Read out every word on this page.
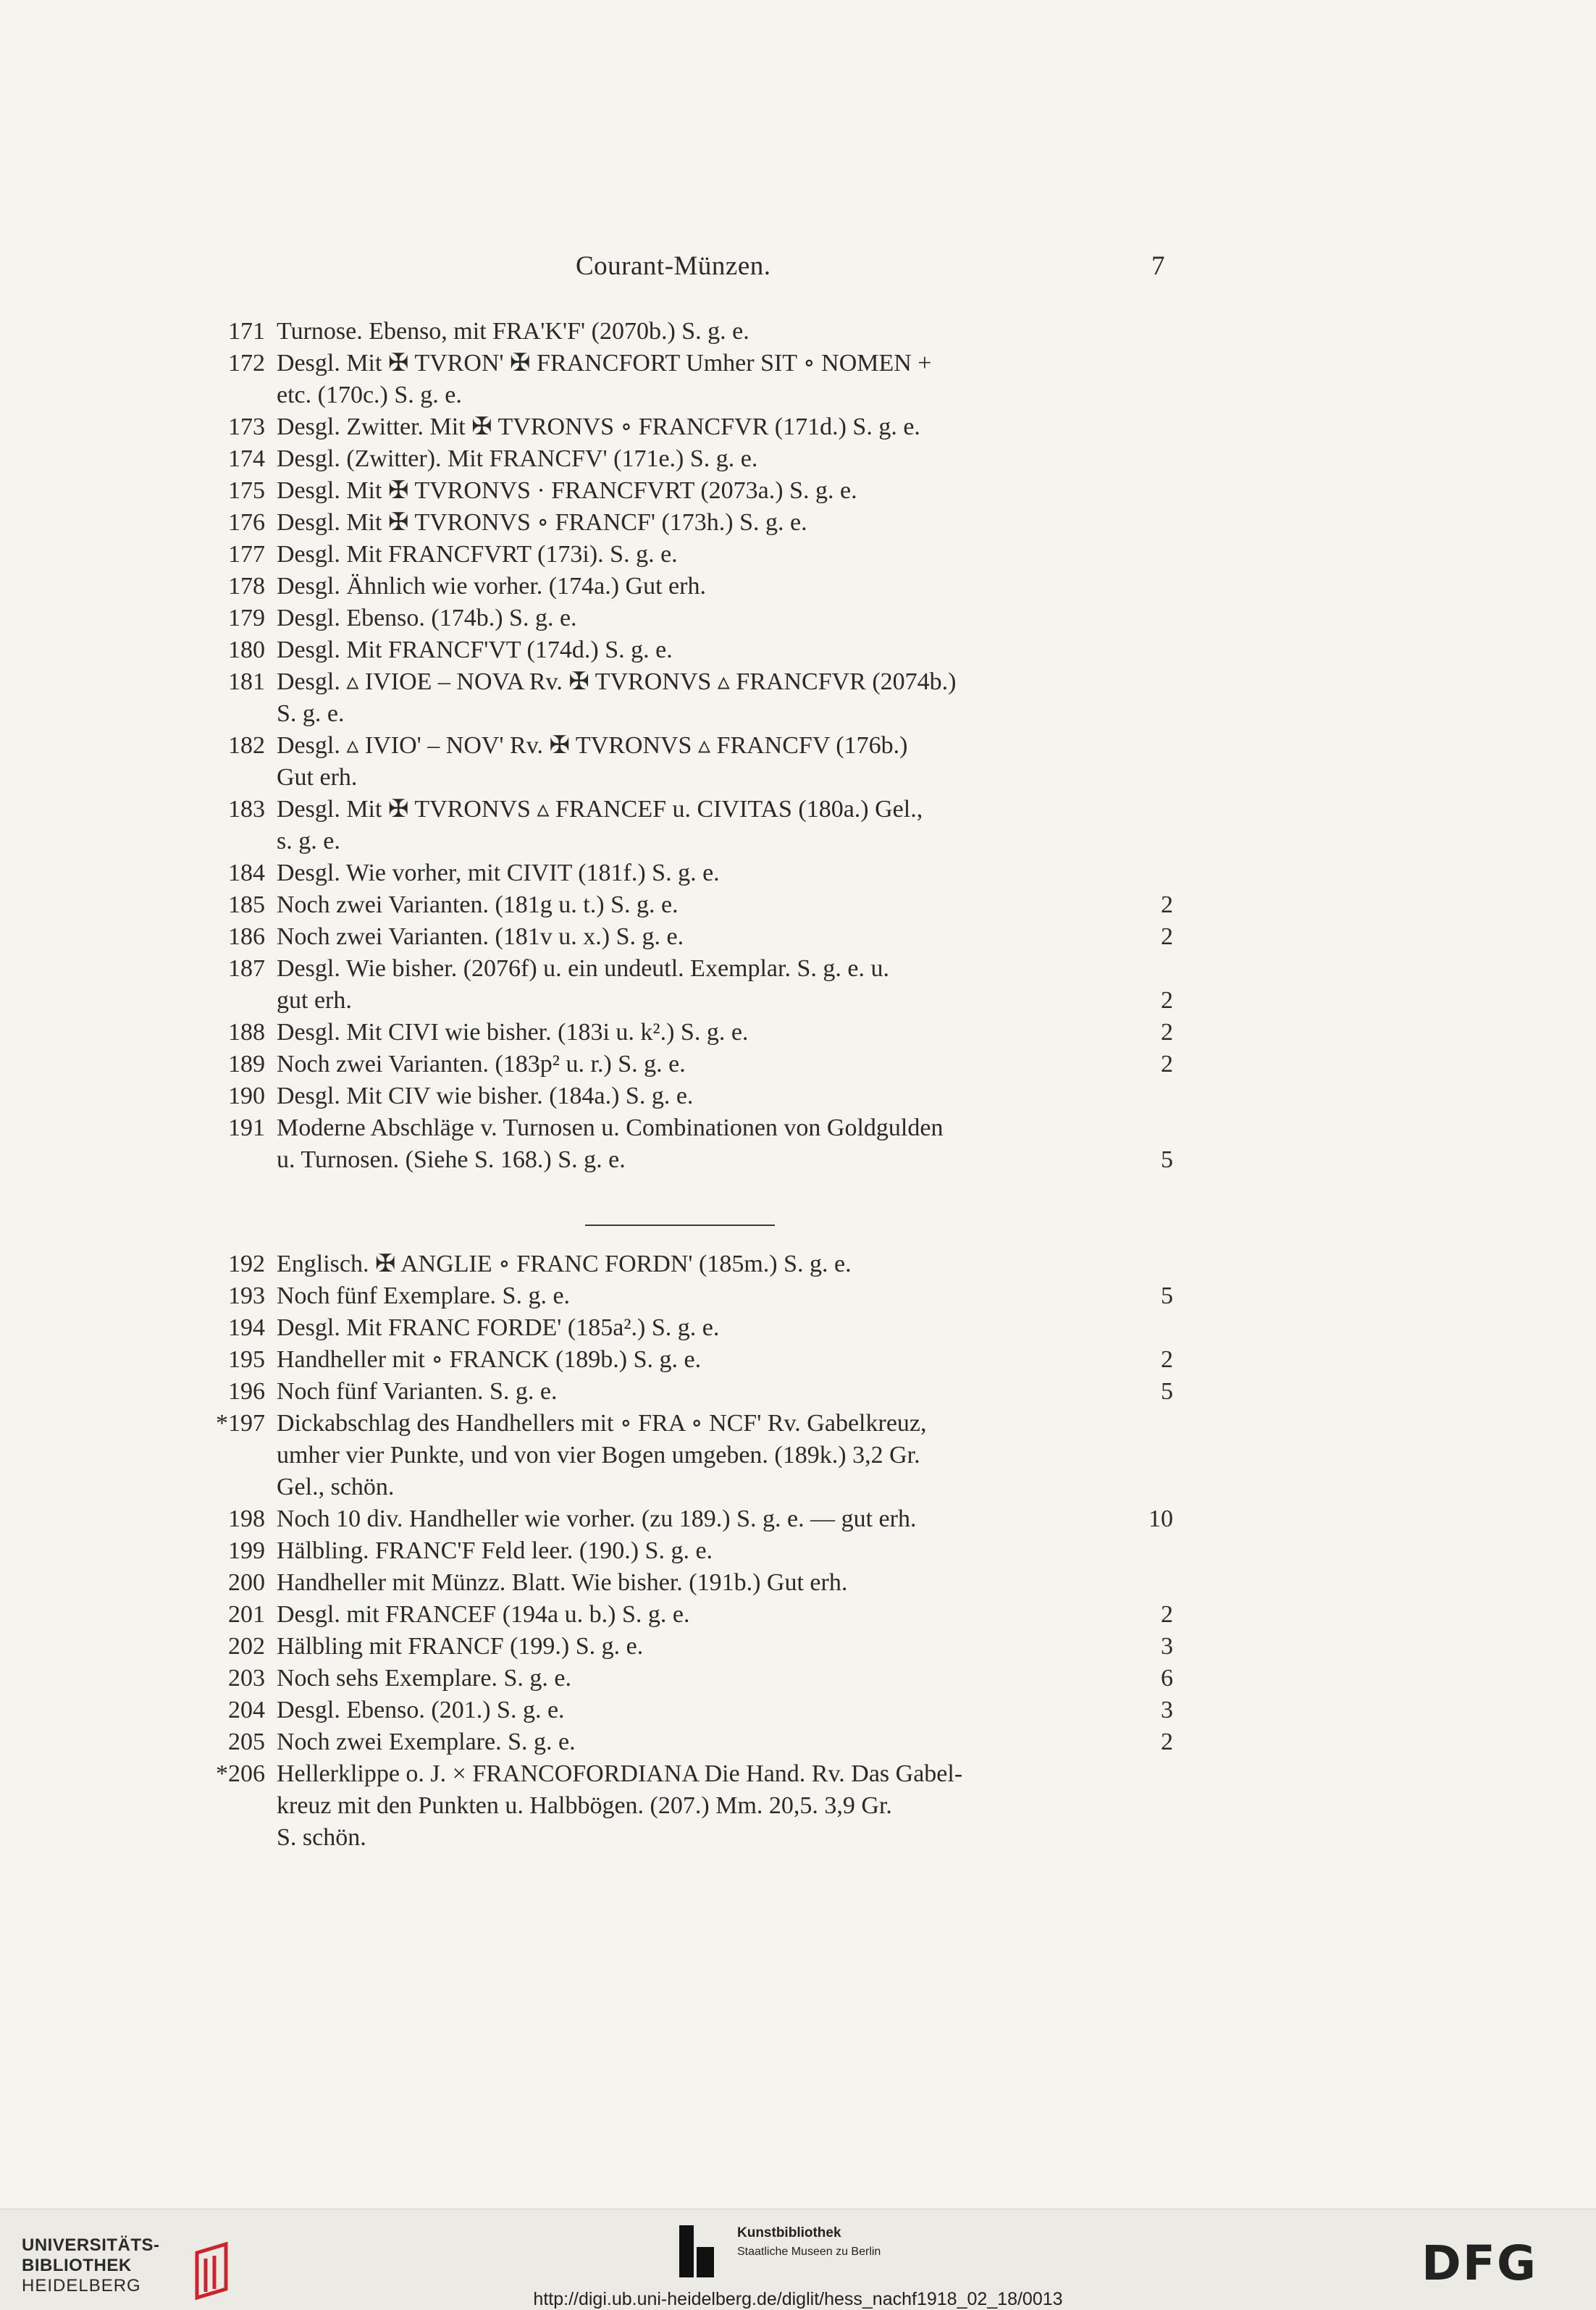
Courant-Münzen.	7
171 Turnose. Ebenso, mit FRA'K'F' (2070b.) S. g. e.
172 Desgl. Mit ✠ TVRON' ✠ FRANCFORT Umher SIT ∘ NOMEN +
etc. (170c.) S. g. e.
173 Desgl. Zwitter. Mit ✠ TVRONVS ∘ FRANCFVR (171d.) S. g. e.
174 Desgl. (Zwitter). Mit FRANCFV' (171e.) S. g. e.
175 Desgl. Mit ✠ TVRONVS · FRANCFVRT (2073a.) S. g. e.
176 Desgl. Mit ✠ TVRONVS ∘ FRANCF' (173h.) S. g. e.
177 Desgl. Mit FRANCFVRT (173i). S. g. e.
178 Desgl. Ähnlich wie vorher. (174a.) Gut erh.
179 Desgl. Ebenso. (174b.) S. g. e.
180 Desgl. Mit FRANCF'VT (174d.) S. g. e.
181 Desgl. ▵ IVIOE – NOVA Rv. ✠ TVRONVS ▵ FRANCFVR (2074b.)
S. g. e.
182 Desgl. ▵ IVIO' – NOV' Rv. ✠ TVRONVS ▵ FRANCFV (176b.)
Gut erh.
183 Desgl. Mit ✠ TVRONVS ▵ FRANCEF u. CIVITAS (180a.) Gel.,
s. g. e.
184 Desgl. Wie vorher, mit CIVIT (181f.) S. g. e.
185 Noch zwei Varianten. (181g u. t.) S. g. e.	2
186 Noch zwei Varianten. (181v u. x.) S. g. e.	2
187 Desgl. Wie bisher. (2076f) u. ein undeutl. Exemplar. S. g. e. u.
gut erh.	2
188 Desgl. Mit CIVI wie bisher. (183i u. k².) S. g. e.	2
189 Noch zwei Varianten. (183p² u. r.) S. g. e.	2
190 Desgl. Mit CIV wie bisher. (184a.) S. g. e.
191 Moderne Abschläge v. Turnosen u. Combinationen von Goldgulden
u. Turnosen. (Siehe S. 168.) S. g. e.	5
192 Englisch. ✠ ANGLIE ∘ FRANC FORDN' (185m.) S. g. e.
193 Noch fünf Exemplare. S. g. e.	5
194 Desgl. Mit FRANC FORDE' (185a².) S. g. e.
195 Handheller mit ∘ FRANCK (189b.) S. g. e.	2
196 Noch fünf Varianten. S. g. e.	5
*197 Dickabschlag des Handhellers mit ∘ FRA ∘ NCF' Rv. Gabelkreuz,
umher vier Punkte, und von vier Bogen umgeben. (189k.) 3,2 Gr.
Gel., schön.
198 Noch 10 div. Handheller wie vorher. (zu 189.) S. g. e. — gut erh.	10
199 Hälbling. FRANC'F Feld leer. (190.) S. g. e.
200 Handheller mit Münzz. Blatt. Wie bisher. (191b.) Gut erh.
201 Desgl. mit FRANCEF (194a u. b.) S. g. e.	2
202 Hälbling mit FRANCF (199.) S. g. e.	3
203 Noch sehs Exemplare. S. g. e.	6
204 Desgl. Ebenso. (201.) S. g. e.	3
205 Noch zwei Exemplare. S. g. e.	2
*206 Hellerklippe o. J. × FRANCOFORDIANA Die Hand. Rv. Das Gabel-
kreuz mit den Punkten u. Halbbögen. (207.) Mm. 20,5. 3,9 Gr.
S. schön.
UNIVERSITÄTS-
BIBLIOTHEK
HEIDELBERG
Kunstbibliothek
Staatliche Museen zu Berlin	DFG
http://digi.ub.uni-heidelberg.de/diglit/hess_nachf1918_02_18/0013
